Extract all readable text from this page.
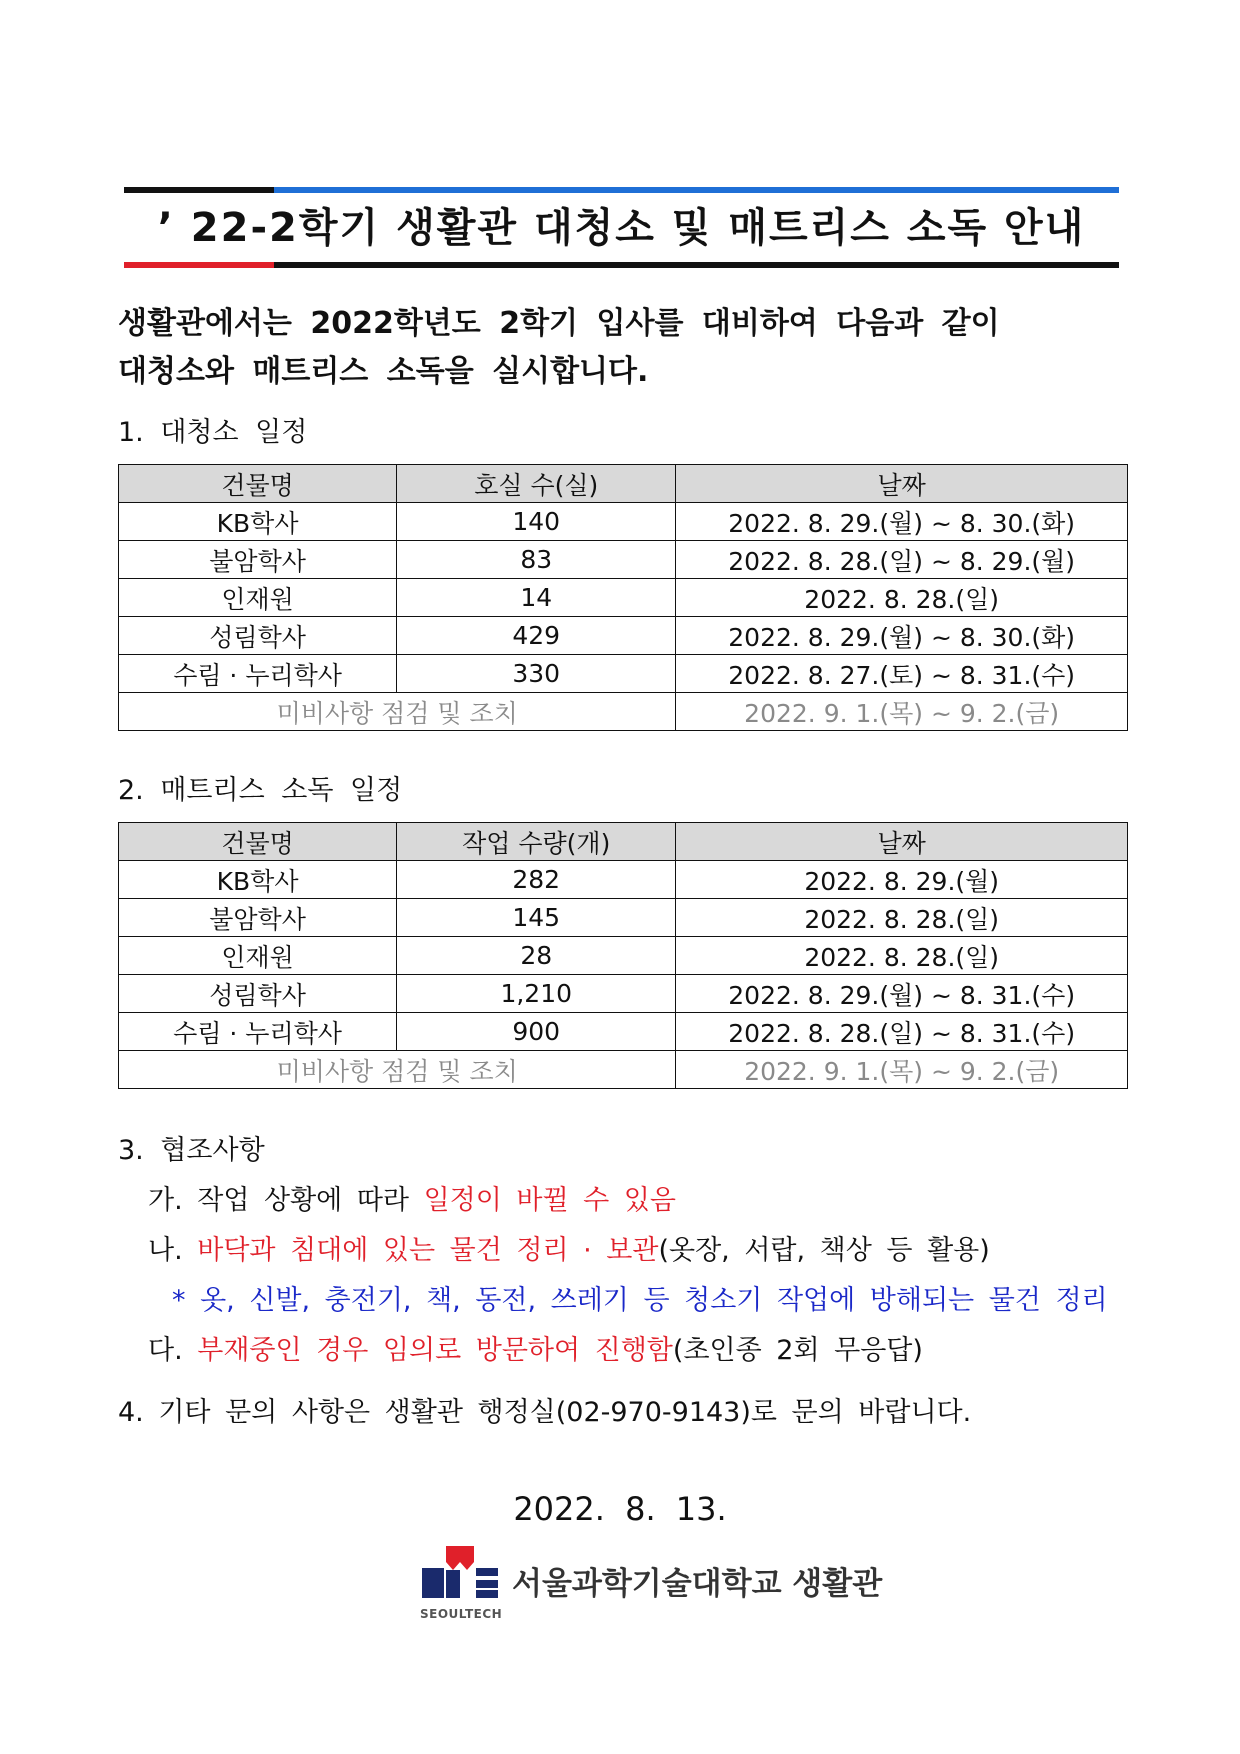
’ 22-2학기 생활관 대청소 및 매트리스 소독 안내
생활관에서는 2022학년도 2학기 입사를 대비하여 다음과 같이
대청소와 매트리스 소독을 실시합니다.
1. 대청소 일정
건물명	호실 수(실)	날짜
KB학사	140	2022. 8. 29.(월) ~ 8. 30.(화)
불암학사	83	2022. 8. 28.(일) ~ 8. 29.(월)
인재원	14	2022. 8. 28.(일)
성림학사	429	2022. 8. 29.(월) ~ 8. 30.(화)
수림 · 누리학사	330	2022. 8. 27.(토) ~ 8. 31.(수)
미비사항 점검 및 조치		2022. 9. 1.(목) ~ 9. 2.(금)
2. 매트리스 소독 일정
건물명	작업 수량(개)	날짜
KB학사	282	2022. 8. 29.(월)
불암학사	145	2022. 8. 28.(일)
인재원	28	2022. 8. 28.(일)
성림학사	1,210	2022. 8. 29.(월) ~ 8. 31.(수)
수림 · 누리학사	900	2022. 8. 28.(일) ~ 8. 31.(수)
미비사항 점검 및 조치		2022. 9. 1.(목) ~ 9. 2.(금)
3. 협조사항
가. 작업 상황에 따라 일정이 바뀔 수 있음
나. 바닥과 침대에 있는 물건 정리 · 보관(옷장, 서랍, 책상 등 활용)
* 옷, 신발, 충전기, 책, 동전, 쓰레기 등 청소기 작업에 방해되는 물건 정리
다. 부재중인 경우 임의로 방문하여 진행함(초인종 2회 무응답)
4. 기타 문의 사항은 생활관 행정실(02-970-9143)로 문의 바랍니다.
2022. 8. 13.
SEOULTECH
서울과학기술대학교 생활관
